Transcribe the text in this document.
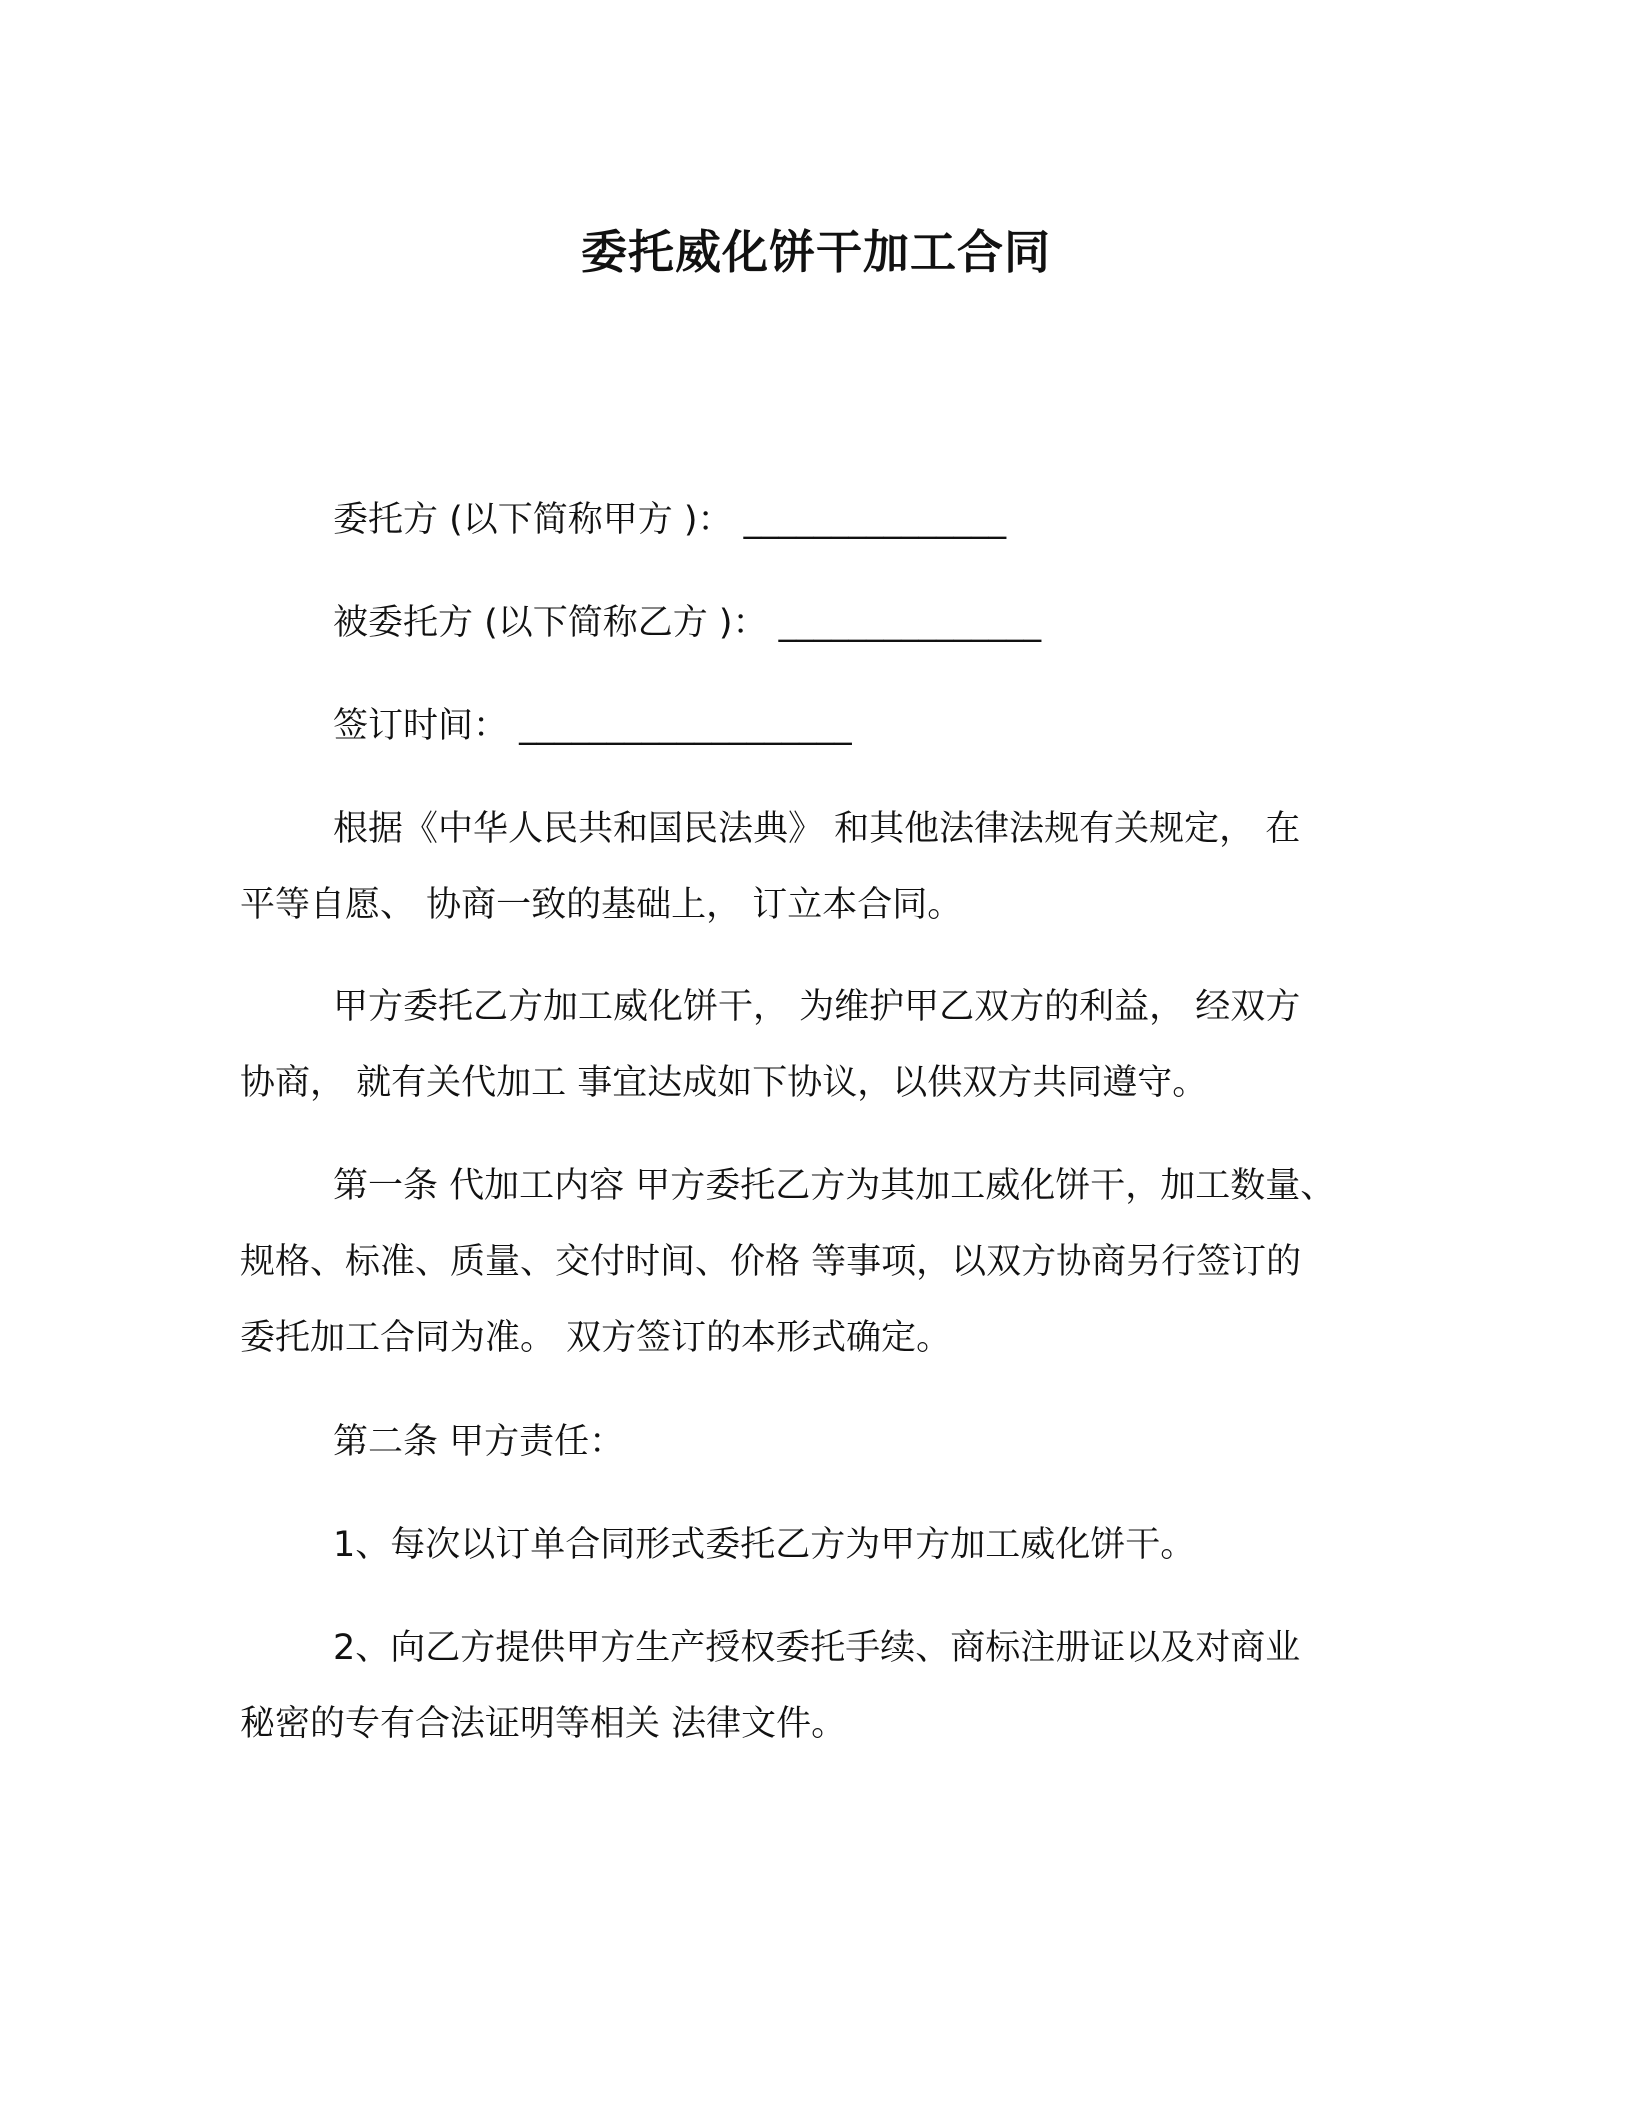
委托威化饼干加工合同
委托方 (以下简称甲方 )： _______________
被委托方 (以下简称乙方 )： _______________
签订时间： ___________________
根据《中华人民共和国民法典》 和其他法律法规有关规定， 在
平等自愿、 协商一致的基础上， 订立本合同。
甲方委托乙方加工威化饼干， 为维护甲乙双方的利益， 经双方
协商， 就有关代加工 事宜达成如下协议，以供双方共同遵守。
第一条 代加工内容 甲方委托乙方为其加工威化饼干，加工数量、
规格、标准、质量、交付时间、价格 等事项，以双方协商另行签订的
委托加工合同为准。 双方签订的本形式确定。
第二条 甲方责任：
1、每次以订单合同形式委托乙方为甲方加工威化饼干。
2、向乙方提供甲方生产授权委托手续、商标注册证以及对商业
秘密的专有合法证明等相关 法律文件。
